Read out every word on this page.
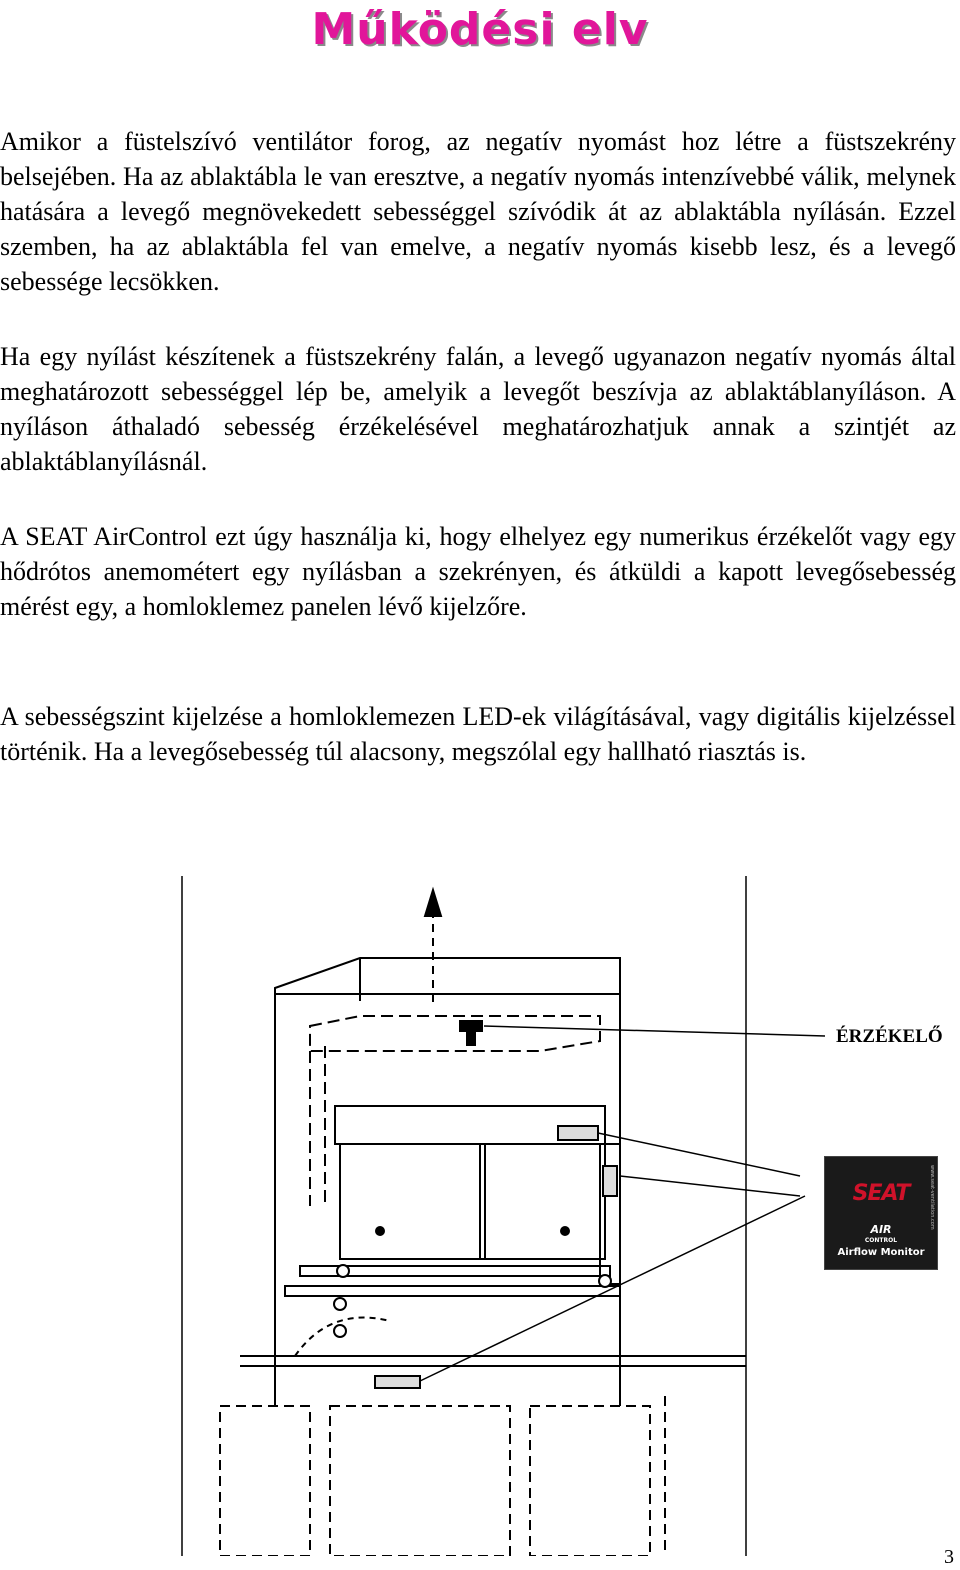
Működési elv

Amikor a füstelszívó ventilátor forog, az negatív nyomást hoz létre a füstszekrény belsejében. Ha az ablaktábla le van eresztve, a negatív nyomás intenzívebbé válik, melynek hatására a levegő megnövekedett sebességgel szívódik át az ablaktábla nyílásán. Ezzel szemben, ha az ablaktábla fel van emelve, a negatív nyomás kisebb lesz, és a levegő sebessége lecsökken.

Ha egy nyílást készítenek a füstszekrény falán, a levegő ugyanazon negatív nyomás által meghatározott sebességgel lép be, amelyik a levegőt beszívja az ablaktáblanyíláson. A nyíláson áthaladó sebesség érzékelésével meghatározhatjuk annak a szintjét az ablaktáblanyílásnál.

A SEAT AirControl ezt úgy használja ki, hogy elhelyez egy numerikus érzékelőt vagy egy hődrótos anemométert egy nyílásban a szekrényen, és átküldi a kapott levegősebesség mérést egy, a homloklemez panelen lévő kijelzőre.

A sebességszint kijelzése a homloklemezen LED-ek világításával, vagy digitális kijelzéssel történik. Ha a levegősebesség túl alacsony, megszólal egy hallható riasztás is.

ÉRZÉKELŐ
SEAT
AIR
CONTROL
Airflow Monitor
www.seat-ventilation.com
3
